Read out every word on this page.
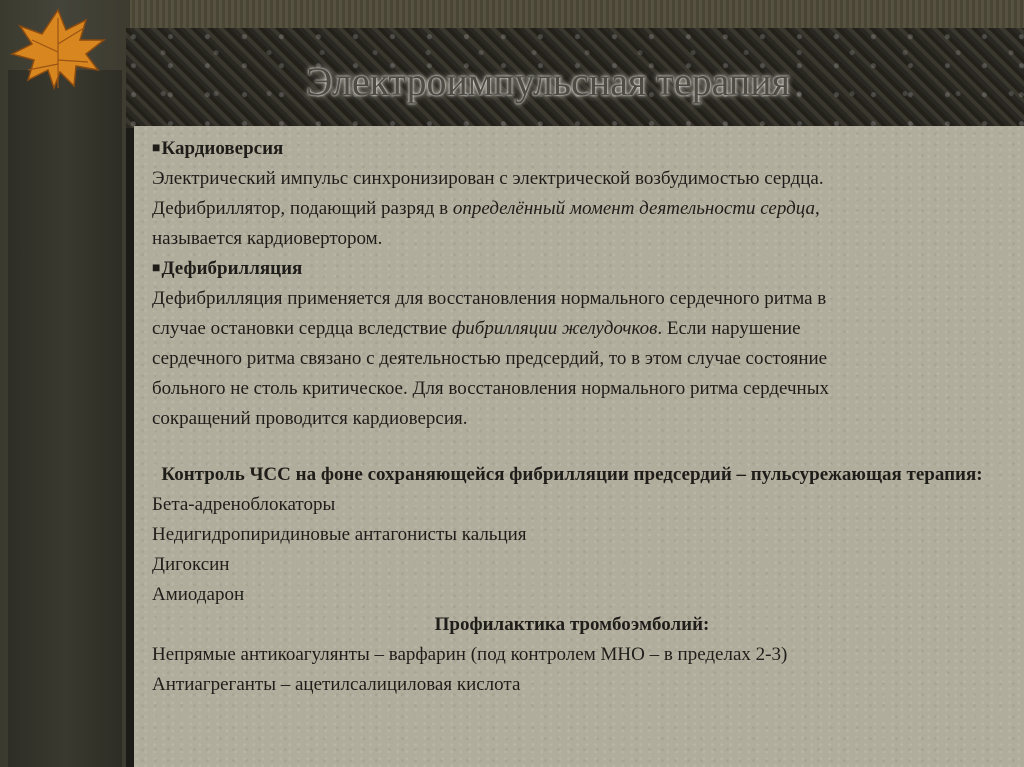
Электроимпульсная терапия
■Кардиоверсия
Электрический импульс синхронизирован с электрической возбудимостью сердца.
Дефибриллятор, подающий разряд в определённый момент деятельности сердца,
называется кардиовертором.
■Дефибрилляция
Дефибрилляция применяется для восстановления нормального сердечного ритма в
случае остановки сердца вследствие фибрилляции желудочков. Если нарушение
сердечного ритма связано с деятельностью предсердий, то в этом случае состояние
больного не столь критическое. Для восстановления нормального ритма сердечных
сокращений проводится кардиоверсия.
Контроль ЧСС на фоне сохраняющейся фибрилляции предсердий – пульсурежающая терапия:
Бета-адреноблокаторы
Недигидропиридиновые антагонисты кальция
Дигоксин
Амиодарон
Профилактика тромбоэмболий:
Непрямые антикоагулянты – варфарин (под контролем МНО – в пределах 2-3)
Антиагреганты – ацетилсалициловая кислота
